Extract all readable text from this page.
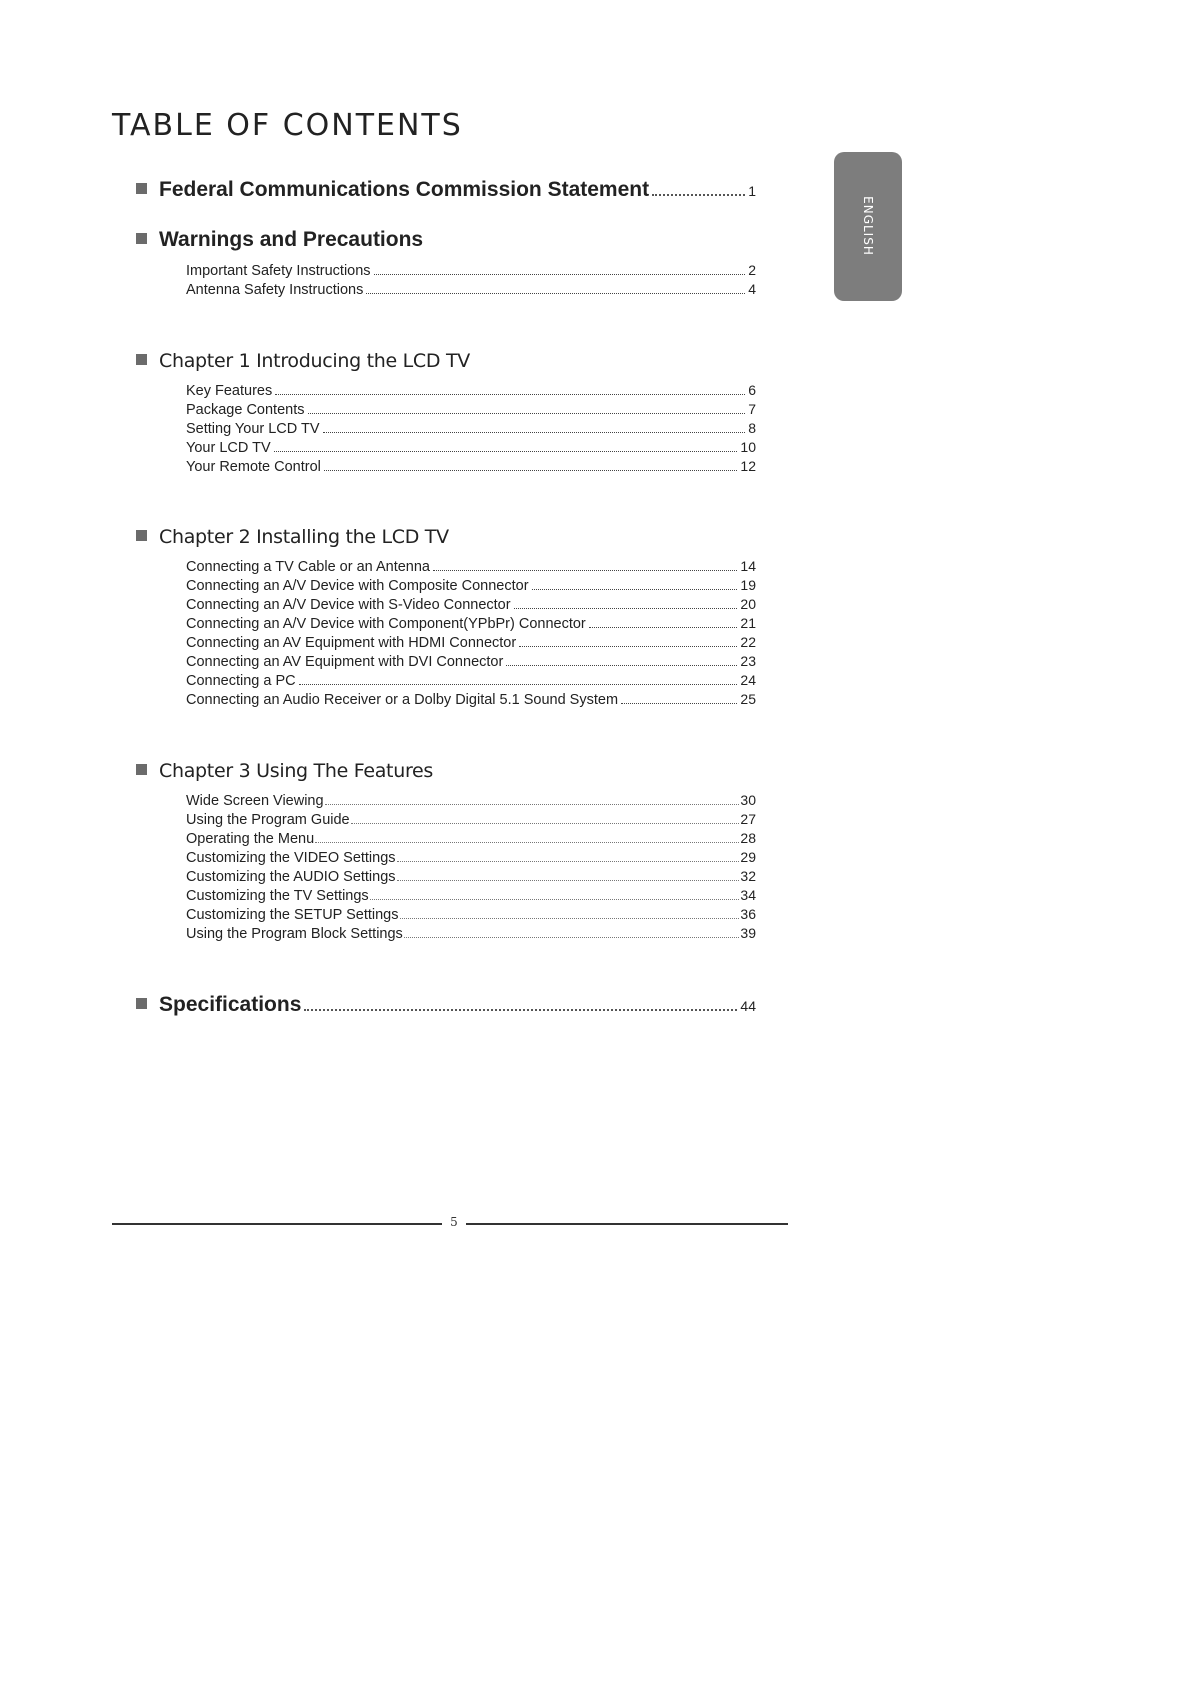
TABLE OF CONTENTS
ENGLISH
Federal Communications Commission Statement	1
Warnings and Precautions
Important Safety Instructions	2
Antenna Safety Instructions	4
Chapter 1 Introducing the LCD TV
Key Features	6
Package Contents	7
Setting Your LCD TV	8
Your LCD TV	10
Your Remote Control	12
Chapter 2 Installing the LCD TV
Connecting a TV Cable or an Antenna	14
Connecting an A/V Device with Composite Connector	19
Connecting an A/V Device with S-Video Connector	20
Connecting an A/V Device with Component(YPbPr) Connector	21
Connecting an AV Equipment with HDMI Connector	22
Connecting an AV Equipment with DVI Connector	23
Connecting a PC	24
Connecting an Audio Receiver or a Dolby Digital 5.1 Sound System	25
Chapter 3 Using The Features
Wide Screen Viewing	30
Using the Program Guide	27
Operating the Menu	28
Customizing the VIDEO Settings	29
Customizing the AUDIO Settings	32
Customizing the TV Settings	34
Customizing the SETUP Settings	36
Using the Program Block Settings	39
Specifications	44
5
